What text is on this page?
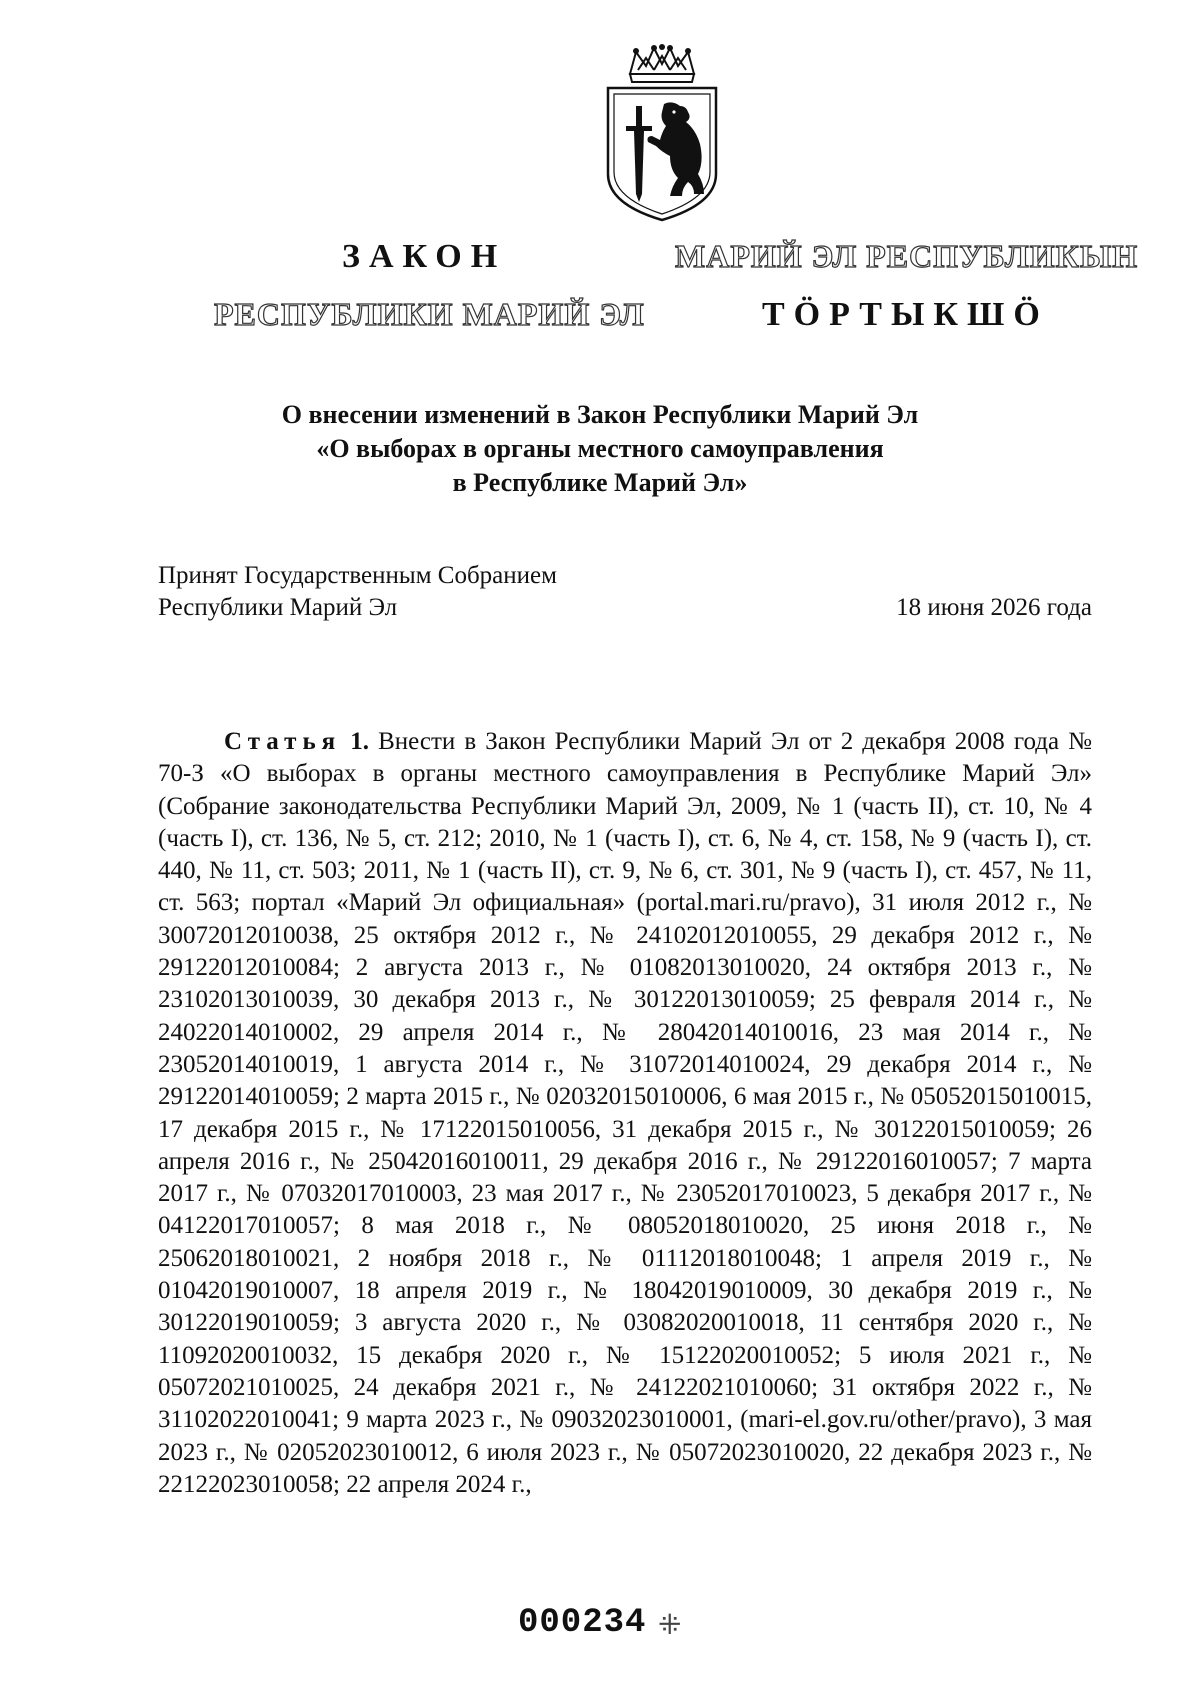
ЗАКОН	МАРИЙ ЭЛ РЕСПУБЛИКЫН
РЕСПУБЛИКИ МАРИЙ ЭЛ	ТӦРТЫКШӦ
О внесении изменений в Закон Республики Марий Эл
«О выборах в органы местного самоуправления
в Республике Марий Эл»
Принят Государственным Собранием
Республики Марий Эл	18 июня 2026 года

Статья 1. Внести в Закон Республики Марий Эл от 2 декабря 2008 года № 70-З «О выборах в органы местного самоуправления в Республике Марий Эл» (Собрание законодательства Республики Марий Эл, 2009, № 1 (часть II), ст. 10, № 4 (часть I), ст. 136, № 5, ст. 212; 2010, № 1 (часть I), ст. 6, № 4, ст. 158, № 9 (часть I), ст. 440, № 11, ст. 503; 2011, № 1 (часть II), ст. 9, № 6, ст. 301, № 9 (часть I), ст. 457, № 11, ст. 563; портал «Марий Эл официальная» (portal.mari.ru/pravo), 31 июля 2012 г., № 30072012010038, 25 октября 2012 г., № 24102012010055, 29 декабря 2012 г., № 29122012010084; 2 августа 2013 г., № 01082013010020, 24 октября 2013 г., № 23102013010039, 30 декабря 2013 г., № 30122013010059; 25 февраля 2014 г., № 24022014010002, 29 апреля 2014 г., № 28042014010016, 23 мая 2014 г., № 23052014010019, 1 августа 2014 г., № 31072014010024, 29 декабря 2014 г., № 29122014010059; 2 марта 2015 г., № 02032015010006, 6 мая 2015 г., № 05052015010015, 17 декабря 2015 г., № 17122015010056, 31 декабря 2015 г., № 30122015010059; 26 апреля 2016 г., № 25042016010011, 29 декабря 2016 г., № 29122016010057; 7 марта 2017 г., № 07032017010003, 23 мая 2017 г., № 23052017010023, 5 декабря 2017 г., № 04122017010057; 8 мая 2018 г., № 08052018010020, 25 июня 2018 г., № 25062018010021, 2 ноября 2018 г., № 01112018010048; 1 апреля 2019 г., № 01042019010007, 18 апреля 2019 г., № 18042019010009, 30 декабря 2019 г., № 30122019010059; 3 августа 2020 г., № 03082020010018, 11 сентября 2020 г., № 11092020010032, 15 декабря 2020 г., № 15122020010052; 5 июля 2021 г., № 05072021010025, 24 декабря 2021 г., № 24122021010060; 31 октября 2022 г., № 31102022010041; 9 марта 2023 г., № 09032023010001, (mari-el.gov.ru/other/pravo), 3 мая 2023 г., № 02052023010012, 6 июля 2023 г., № 05072023010020, 22 декабря 2023 г., № 22122023010058; 22 апреля 2024 г.,

000234 ⁜
